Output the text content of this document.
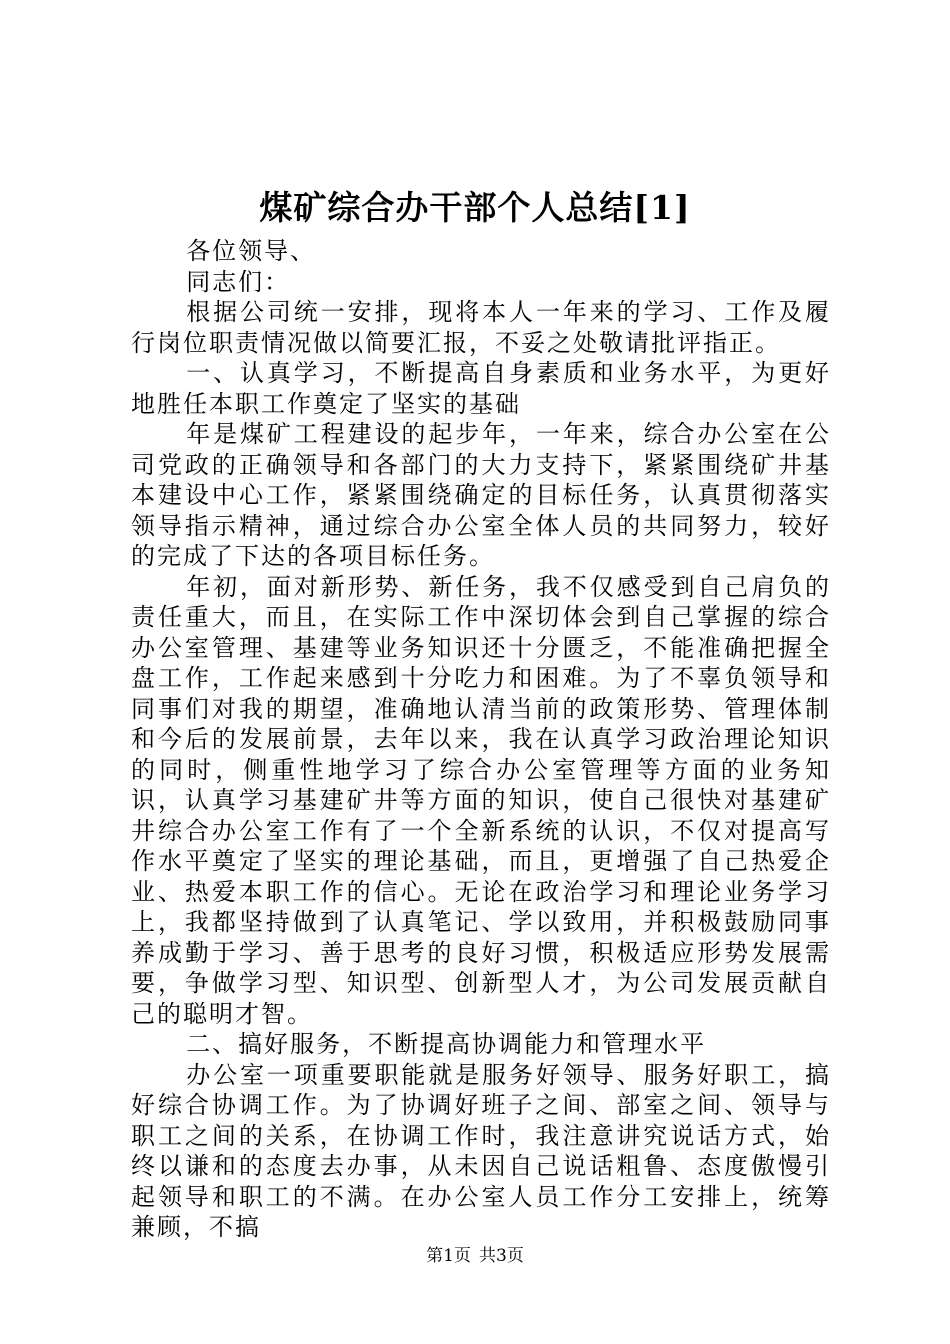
煤矿综合办干部个人总结[1]

各位领导、

同志们：

根据公司统一安排，现将本人一年来的学习、工作及履行岗位职责情况做以简要汇报，不妥之处敬请批评指正。

一、认真学习，不断提高自身素质和业务水平，为更好地胜任本职工作奠定了坚实的基础

年是煤矿工程建设的起步年，一年来，综合办公室在公司党政的正确领导和各部门的大力支持下，紧紧围绕矿井基本建设中心工作，紧紧围绕确定的目标任务，认真贯彻落实领导指示精神，通过综合办公室全体人员的共同努力，较好的完成了下达的各项目标任务。

年初，面对新形势、新任务，我不仅感受到自己肩负的责任重大，而且，在实际工作中深切体会到自己掌握的综合办公室管理、基建等业务知识还十分匮乏，不能准确把握全盘工作，工作起来感到十分吃力和困难。为了不辜负领导和同事们对我的期望，准确地认清当前的政策形势、管理体制和今后的发展前景，去年以来，我在认真学习政治理论知识的同时，侧重性地学习了综合办公室管理等方面的业务知识，认真学习基建矿井等方面的知识，使自己很快对基建矿井综合办公室工作有了一个全新系统的认识，不仅对提高写作水平奠定了坚实的理论基础，而且，更增强了自己热爱企业、热爱本职工作的信心。无论在政治学习和理论业务学习上，我都坚持做到了认真笔记、学以致用，并积极鼓励同事养成勤于学习、善于思考的良好习惯，积极适应形势发展需要，争做学习型、知识型、创新型人才，为公司发展贡献自己的聪明才智。

二、搞好服务，不断提高协调能力和管理水平

办公室一项重要职能就是服务好领导、服务好职工，搞好综合协调工作。为了协调好班子之间、部室之间、领导与职工之间的关系，在协调工作时，我注意讲究说话方式，始终以谦和的态度去办事，从未因自己说话粗鲁、态度傲慢引起领导和职工的不满。在办公室人员工作分工安排上，统筹兼顾，不搞

第1页 共3页
